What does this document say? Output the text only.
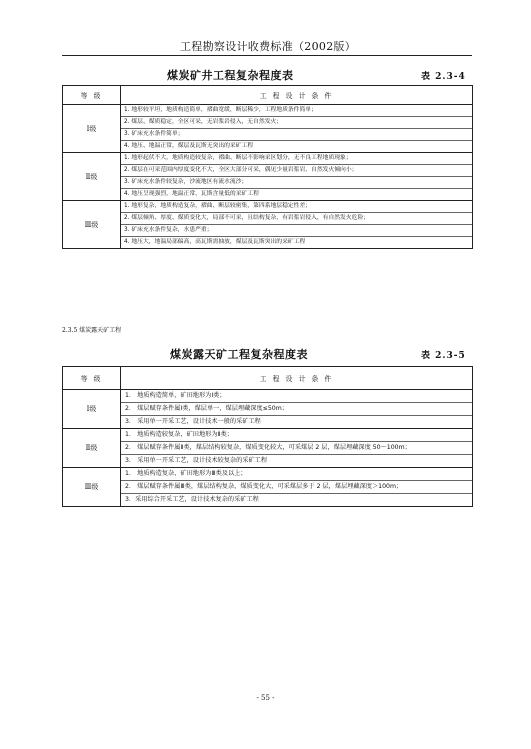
工程勘察设计收费标准（2002版）
煤炭矿井工程复杂程度表	表 2.3-4
等 级	工 程 设 计 条 件
Ⅰ级	1. 地形较平坦，地质构造简单，褶曲宽缓，断层稀少，工程地质条件简单；
2. 煤层、煤质稳定，全区可采，无岩浆岩侵入，无自然发火；
3. 矿床充水条件简单；
4. 地压、地温正常，煤层及瓦斯无突出的采矿工程

Ⅱ级	1. 地形起伏不大，地质构造较复杂，褶曲、断层不影响采区划分，无不良工程地质现象；
2. 煤层在可采范围内厚度变化不大，全区大部分可采，偶见少量岩浆岩，自然发火倾向小；
3. 矿床充水条件较复杂，沙流地区有流水流沙；
4. 地压呈现强烈，地温正常，瓦斯含量低的采矿工程

Ⅲ级	1. 地形复杂，地质构造复杂，褶曲、断层较密集，第四系地层稳定性差；
2. 煤层倾角、厚度、煤质变化大，局部不可采，且结构复杂，有岩浆岩侵入，有自然发火危险；
3. 矿床充水条件复杂，水患严重；
4. 地压大，地温局部偏高，高瓦斯需抽放，煤层及瓦斯突出的采矿工程
2.3.5 煤炭露天矿工程
煤炭露天矿工程复杂程度表	表 2.3-5
等 级	工 程 设 计 条 件
Ⅰ级	1． 地质构造简单，矿田地形为Ⅰ类；
2． 煤层赋存条件属Ⅰ类，煤层单一，煤层埋藏深度≤50m；
3． 采用单一开采工艺，设计技术一般的采矿工程

Ⅱ级	1． 地质构造较复杂，矿田地形为Ⅱ类；
2． 煤层赋存条件属Ⅱ类，煤层结构较复杂，煤质变化较大，可采煤层 2 层，煤层埋藏深度 50～100m；
3． 采用单一开采工艺，设计技术较复杂的采矿工程

Ⅲ级	1． 地质构造复杂，矿田地形为Ⅲ类及以上；
2． 煤层赋存条件属Ⅲ类，煤层结构复杂，煤质变化大，可采煤层多于 2 层，煤层埋藏深度＞100m；
3．采用综合开采工艺，设计技术复杂的采矿工程
- 55 -
